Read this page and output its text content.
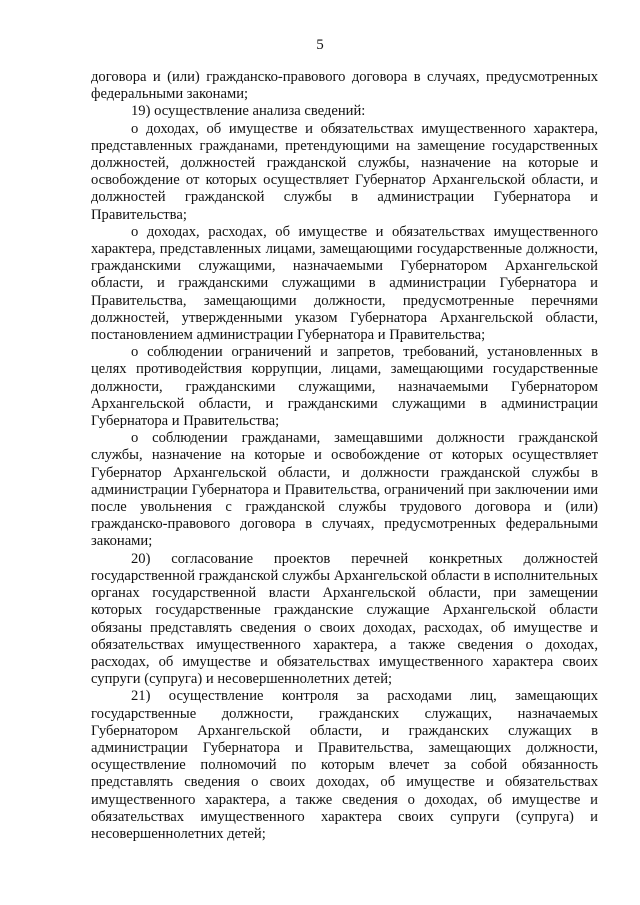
5

договора и (или) гражданско-правового договора в случаях, предусмотренных федеральными законами;

19) осуществление анализа сведений:

о доходах, об имуществе и обязательствах имущественного характера, представленных гражданами, претендующими на замещение государственных должностей, должностей гражданской службы, назначение на которые и освобождение от которых осуществляет Губернатор Архангельской области, и должностей гражданской службы в администрации Губернатора и Правительства;

о доходах, расходах, об имуществе и обязательствах имущественного характера, представленных лицами, замещающими государственные должности, гражданскими служащими, назначаемыми Губернатором Архангельской области, и гражданскими служащими в администрации Губернатора и Правительства, замещающими должности, предусмотренные перечнями должностей, утвержденными указом Губернатора Архангельской области, постановлением администрации Губернатора и Правительства;

о соблюдении ограничений и запретов, требований, установленных в целях противодействия коррупции, лицами, замещающими государственные должности, гражданскими служащими, назначаемыми Губернатором Архангельской области, и гражданскими служащими в администрации Губернатора и Правительства;

о соблюдении гражданами, замещавшими должности гражданской службы, назначение на которые и освобождение от которых осуществляет Губернатор Архангельской области, и должности гражданской службы в администрации Губернатора и Правительства, ограничений при заключении ими после увольнения с гражданской службы трудового договора и (или) гражданско-правового договора в случаях, предусмотренных федеральными законами;

20) согласование проектов перечней конкретных должностей государственной гражданской службы Архангельской области в исполнительных органах государственной власти Архангельской области, при замещении которых государственные гражданские служащие Архангельской области обязаны представлять сведения о своих доходах, расходах, об имуществе и обязательствах имущественного характера, а также сведения о доходах, расходах, об имуществе и обязательствах имущественного характера своих супруги (супруга) и несовершеннолетних детей;

21) осуществление контроля за расходами лиц, замещающих государственные должности, гражданских служащих, назначаемых Губернатором Архангельской области, и гражданских служащих в администрации Губернатора и Правительства, замещающих должности, осуществление полномочий по которым влечет за собой обязанность представлять сведения о своих доходах, об имуществе и обязательствах имущественного характера, а также сведения о доходах, об имуществе и обязательствах имущественного характера своих супруги (супруга) и несовершеннолетних детей;
